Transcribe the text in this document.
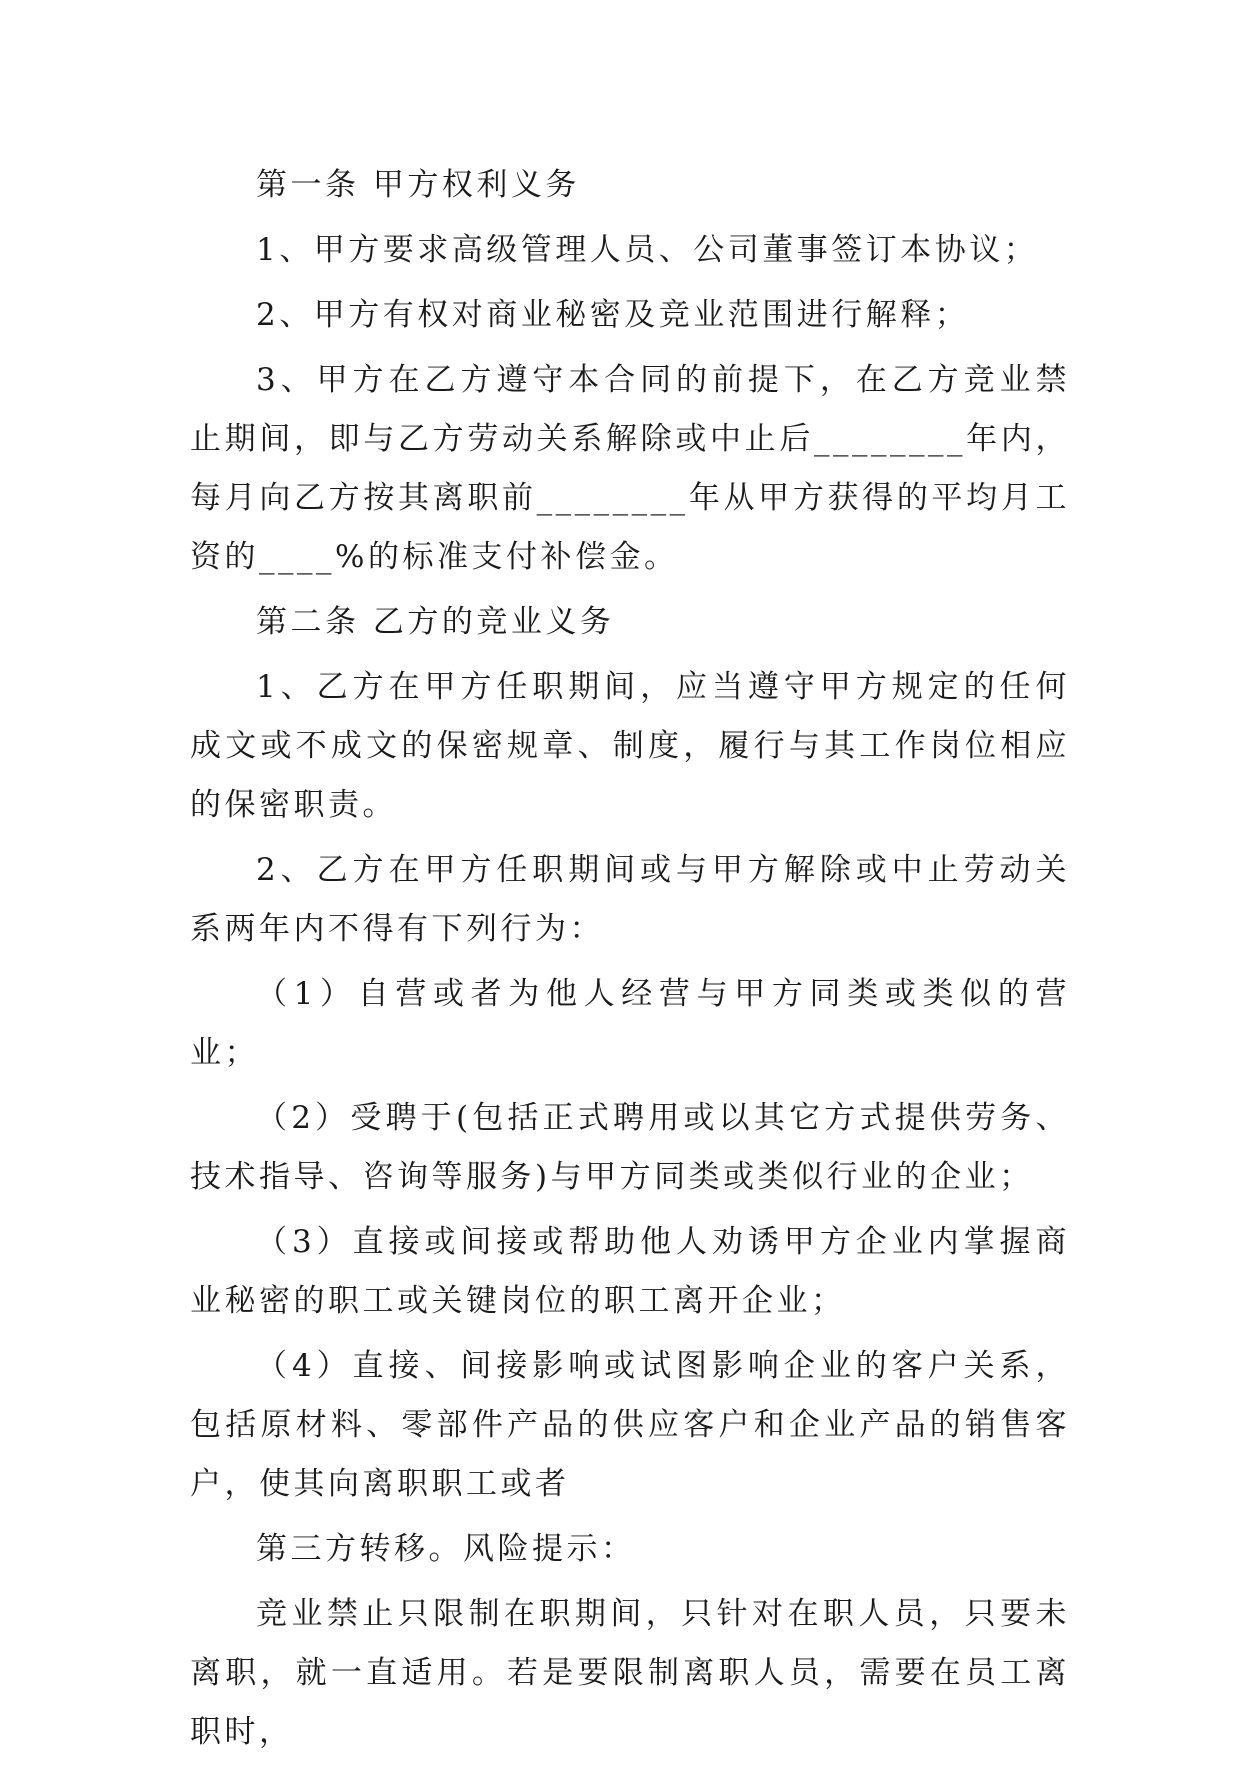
第一条 甲方权利义务

1、甲方要求高级管理人员、公司董事签订本协议；

2、甲方有权对商业秘密及竞业范围进行解释；

3、甲方在乙方遵守本合同的前提下，在乙方竞业禁止期间，即与乙方劳动关系解除或中止后________年内，每月向乙方按其离职前________年从甲方获得的平均月工资的____%的标准支付补偿金。

第二条 乙方的竞业义务

1、乙方在甲方任职期间，应当遵守甲方规定的任何成文或不成文的保密规章、制度，履行与其工作岗位相应的保密职责。

2、乙方在甲方任职期间或与甲方解除或中止劳动关系两年内不得有下列行为：

（1）自营或者为他人经营与甲方同类或类似的营业；

（2）受聘于(包括正式聘用或以其它方式提供劳务、技术指导、咨询等服务)与甲方同类或类似行业的企业；

（3）直接或间接或帮助他人劝诱甲方企业内掌握商业秘密的职工或关键岗位的职工离开企业；

（4）直接、间接影响或试图影响企业的客户关系，包括原材料、零部件产品的供应客户和企业产品的销售客户，使其向离职职工或者

第三方转移。风险提示：

竞业禁止只限制在职期间，只针对在职人员，只要未离职，就一直适用。若是要限制离职人员，需要在员工离职时，
